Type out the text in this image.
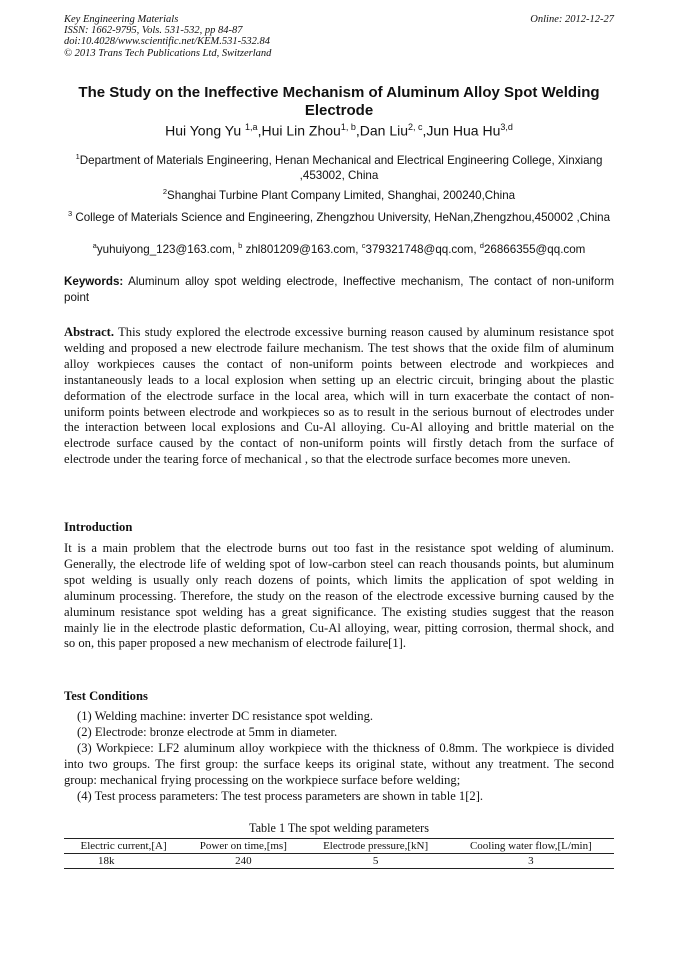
Key Engineering Materials
ISSN: 1662-9795, Vols. 531-532, pp 84-87
doi:10.4028/www.scientific.net/KEM.531-532.84
© 2013 Trans Tech Publications Ltd, Switzerland
Online: 2012-12-27
The Study on the Ineffective Mechanism of Aluminum Alloy Spot Welding Electrode
Hui Yong Yu $^{1,a}$,Hui Lin Zhou$^{1, b}$,Dan Liu$^{2, c}$,Jun Hua Hu$^{3,d}$
$^1$Department of Materials Engineering, Henan Mechanical and Electrical Engineering College, Xinxiang ,453002, China
$^2$Shanghai Turbine Plant Company Limited, Shanghai, 200240,China
$^3$ College of Materials Science and Engineering, Zhengzhou University, HeNan,Zhengzhou,450002 ,China
$^a$yuhuiyong_123@163.com, $^b$ zhl801209@163.com, $^c$379321748@qq.com, $^d$26866355@qq.com
Keywords: Aluminum alloy spot welding electrode, Ineffective mechanism, The contact of non-uniform point
Abstract. This study explored the electrode excessive burning reason caused by aluminum resistance spot welding and proposed a new electrode failure mechanism. The test shows that the oxide film of aluminum alloy workpieces causes the contact of non-uniform points between electrode and workpieces and instantaneously leads to a local explosion when setting up an electric circuit, bringing about the plastic deformation of the electrode surface in the local area, which will in turn exacerbate the contact of non-uniform points between electrode and workpieces so as to result in the serious burnout of electrodes under the interaction between local explosions and Cu-Al alloying. Cu-Al alloying and brittle material on the electrode surface caused by the contact of non-uniform points will firstly detach from the surface of electrode under the tearing force of mechanical , so that the electrode surface becomes more uneven.
Introduction
It is a main problem that the electrode burns out too fast in the resistance spot welding of aluminum. Generally, the electrode life of welding spot of low-carbon steel can reach thousands points, but aluminum spot welding is usually only reach dozens of points, which limits the application of spot welding in aluminum processing. Therefore, the study on the reason of the electrode excessive burning caused by the aluminum resistance spot welding has a great significance. The existing studies suggest that the reason mainly lie in the electrode plastic deformation, Cu-Al alloying, wear, pitting corrosion, thermal shock, and so on, this paper proposed a new mechanism of electrode failure[1].
Test Conditions

(1) Welding machine: inverter DC resistance spot welding.

(2) Electrode: bronze electrode at 5mm in diameter.

(3) Workpiece: LF2 aluminum alloy workpiece with the thickness of 0.8mm. The workpiece is divided into two groups. The first group: the surface keeps its original state, without any treatment. The second group: mechanical frying processing on the workpiece surface before welding;

(4) Test process parameters: The test process parameters are shown in table 1[2].

Table 1 The spot welding parameters
Electric current,[A]	Power on time,[ms]	Electrode pressure,[kN]	Cooling water flow,[L/min]
18k	240	5	3
